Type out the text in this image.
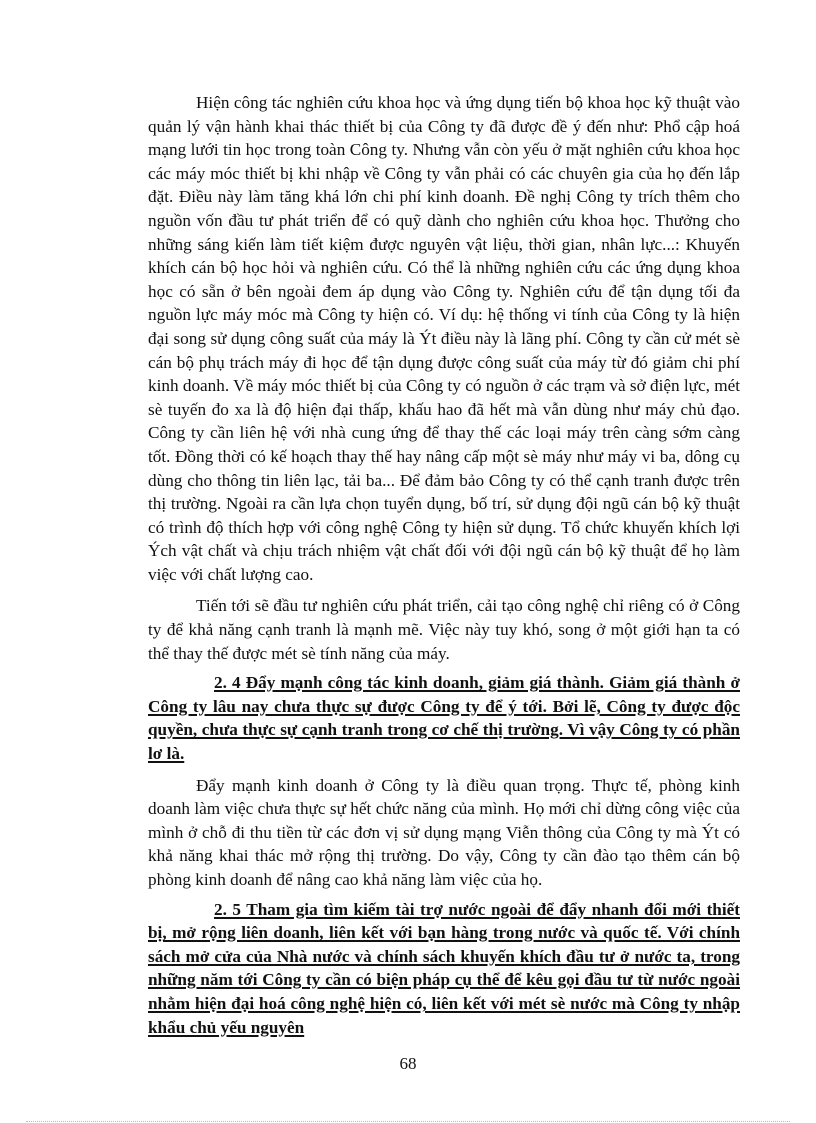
Hiện công tác nghiên cứu khoa học và ứng dụng tiến bộ khoa học kỹ thuật vào quản lý vận hành khai thác thiết bị của Công ty đã được đề ý đến như: Phổ cập hoá mạng lưới tin học trong toàn Công ty. Nhưng vẫn còn yếu ở mặt nghiên cứu khoa học các máy móc thiết bị khi nhập về Công ty vẫn phải có các chuyên gia của họ đến lắp đặt. Điều này làm tăng khá lớn chi phí kinh doanh. Đề nghị Công ty trích thêm cho nguồn vốn đầu tư phát triển để có quỹ dành cho nghiên cứu khoa học. Thưởng cho những sáng kiến làm tiết kiệm được nguyên vật liệu, thời gian, nhân lực...: Khuyến khích cán bộ học hỏi và nghiên cứu. Có thể là những nghiên cứu các ứng dụng khoa học có sẵn ở bên ngoài đem áp dụng vào Công ty. Nghiên cứu để tận dụng tối đa nguồn lực máy móc mà Công ty hiện có. Ví dụ: hệ thống vi tính của Công ty là hiện đại song sử dụng công suất của máy là Ýt điều này là lãng phí. Công ty cần cử mét sè cán bộ phụ trách máy đi học để tận dụng được công suất của máy từ đó giảm chi phí kinh doanh. Về máy móc thiết bị của Công ty có nguồn ở các trạm và sở điện lực, mét sè tuyến đo xa là độ hiện đại thấp, khấu hao đã hết mà vẫn dùng như máy chủ đạo. Công ty cần liên hệ với nhà cung ứng để thay thế các loại máy trên càng sớm càng tốt. Đồng thời có kế hoạch thay thế hay nâng cấp một sè máy như máy vi ba, dông cụ dùng cho thông tin liên lạc, tải ba... Để đảm bảo Công ty có thể cạnh tranh được trên thị trường. Ngoài ra cần lựa chọn tuyển dụng, bố trí, sử dụng đội ngũ cán bộ kỹ thuật có trình độ thích hợp với công nghệ Công ty hiện sử dụng. Tổ chức khuyến khích lợi Ých vật chất và chịu trách nhiệm vật chất đối với đội ngũ cán bộ kỹ thuật để họ làm việc với chất lượng cao.

Tiến tới sẽ đầu tư nghiên cứu phát triển, cải tạo công nghệ chỉ riêng có ở Công ty để khả năng cạnh tranh là mạnh mẽ. Việc này tuy khó, song ở một giới hạn ta có thể thay thế được mét sè tính năng của máy.

2. 4 Đẩy mạnh công tác kinh doanh, giảm giá thành. Giảm giá thành ở Công ty lâu nay chưa thực sự được Công ty để ý tới. Bởi lẽ, Công ty được độc quyền, chưa thực sự cạnh tranh trong cơ chế thị trường. Vì vậy Công ty có phần lơ là.

Đẩy mạnh kinh doanh ở Công ty là điều quan trọng. Thực tế, phòng kinh doanh làm việc chưa thực sự hết chức năng của mình. Họ mới chỉ dừng công việc của mình ở chỗ đi thu tiền từ các đơn vị sử dụng mạng Viễn thông của Công ty mà Ýt có khả năng khai thác mở rộng thị trường. Do vậy, Công ty cần đào tạo thêm cán bộ phòng kinh doanh để nâng cao khả năng làm việc của họ.

2. 5 Tham gia tìm kiếm tài trợ nước ngoài để đẩy nhanh đổi mới thiết bị, mở rộng liên doanh, liên kết với bạn hàng trong nước và quốc tế. Với chính sách mở cửa của Nhà nước và chính sách khuyến khích đầu tư ở nước ta, trong những năm tới Công ty cần có biện pháp cụ thể để kêu gọi đầu tư từ nước ngoài nhằm hiện đại hoá công nghệ hiện có, liên kết với mét sè nước mà Công ty nhập khẩu chủ yếu nguyên

68
